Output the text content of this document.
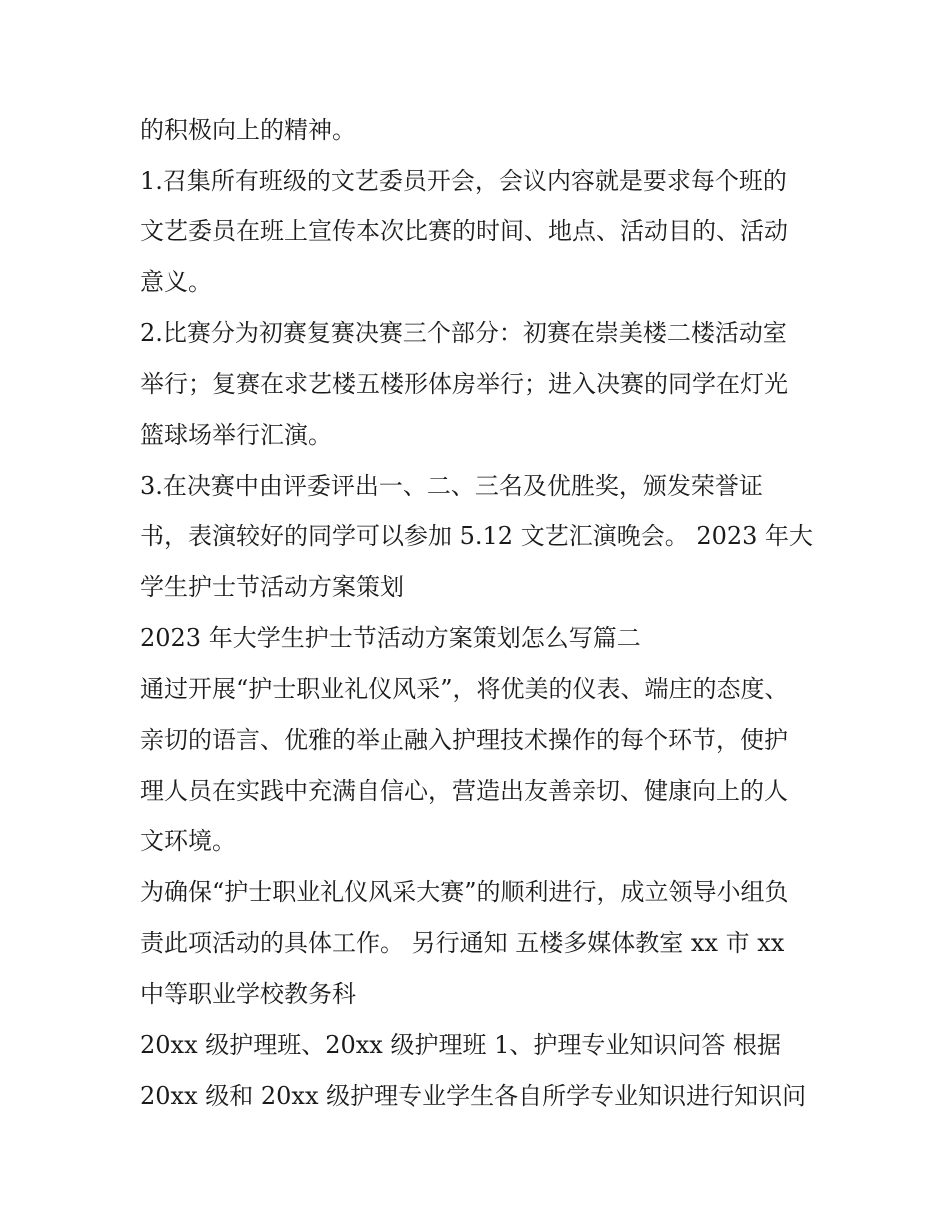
的积极向上的精神。
1.召集所有班级的文艺委员开会，会议内容就是要求每个班的
文艺委员在班上宣传本次比赛的时间、地点、活动目的、活动
意义。
2.比赛分为初赛复赛决赛三个部分：初赛在崇美楼二楼活动室
举行；复赛在求艺楼五楼形体房举行；进入决赛的同学在灯光
篮球场举行汇演。
3.在决赛中由评委评出一、二、三名及优胜奖，颁发荣誉证
书，表演较好的同学可以参加 5.12 文艺汇演晚会。 2023 年大
学生护士节活动方案策划
2023 年大学生护士节活动方案策划怎么写篇二
通过开展“护士职业礼仪风采”，将优美的仪表、端庄的态度、
亲切的语言、优雅的举止融入护理技术操作的每个环节，使护
理人员在实践中充满自信心，营造出友善亲切、健康向上的人
文环境。
为确保“护士职业礼仪风采大赛”的顺利进行，成立领导小组负
责此项活动的具体工作。 另行通知 五楼多媒体教室 xx 市 xx
中等职业学校教务科
20xx 级护理班、20xx 级护理班 1、护理专业知识问答 根据
20xx 级和 20xx 级护理专业学生各自所学专业知识进行知识问
